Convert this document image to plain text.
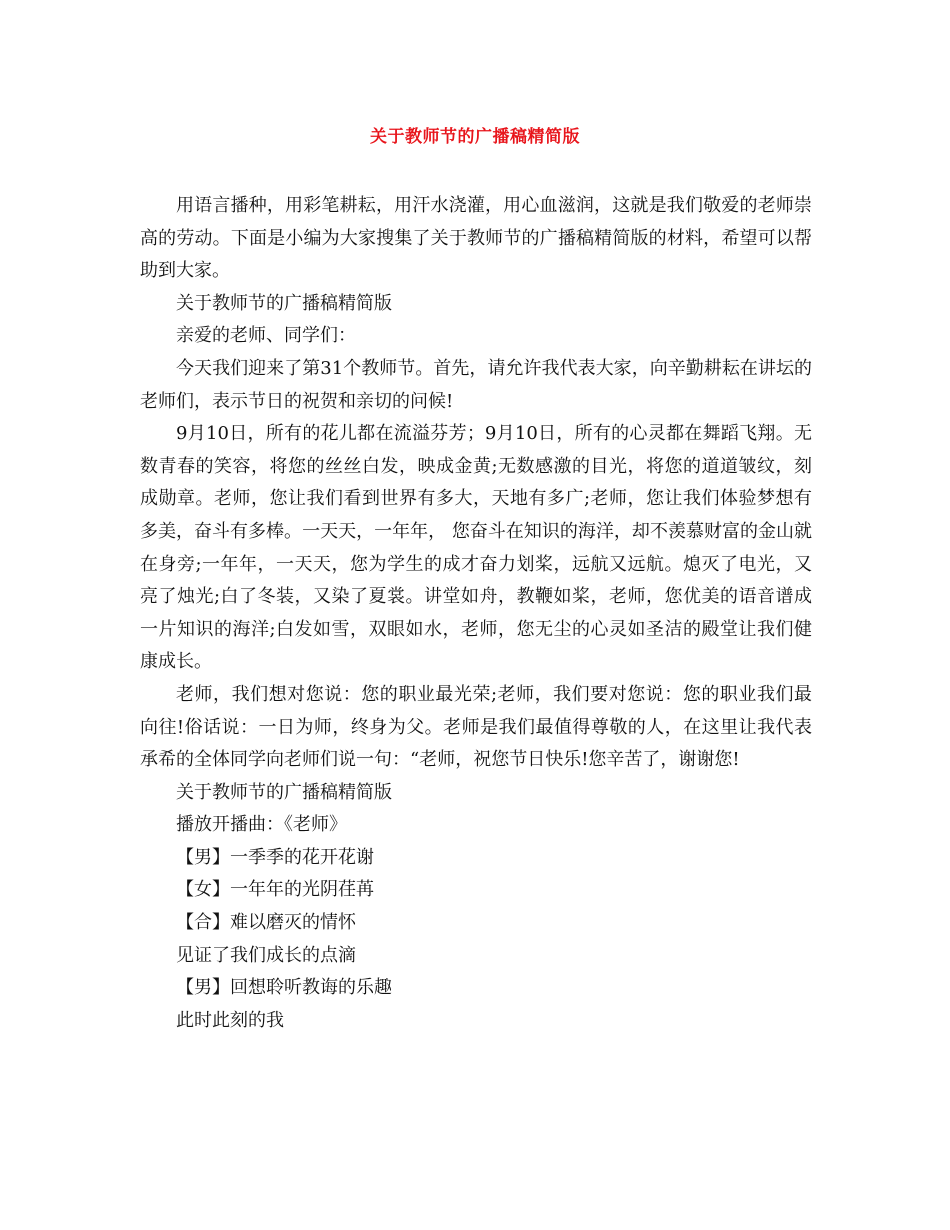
关于教师节的广播稿精简版

用语言播种，用彩笔耕耘，用汗水浇灌，用心血滋润，这就是我们敬爱的老师崇高的劳动。下面是小编为大家搜集了关于教师节的广播稿精简版的材料，希望可以帮助到大家。

关于教师节的广播稿精简版

亲爱的老师、同学们：

今天我们迎来了第31个教师节。首先，请允许我代表大家，向辛勤耕耘在讲坛的老师们，表示节日的祝贺和亲切的问候!

9月10日，所有的花儿都在流溢芬芳；9月10日，所有的心灵都在舞蹈飞翔。无数青春的笑容，将您的丝丝白发，映成金黄;无数感激的目光，将您的道道皱纹，刻成勋章。老师，您让我们看到世界有多大，天地有多广;老师，您让我们体验梦想有多美，奋斗有多棒。一天天，一年年， 您奋斗在知识的海洋，却不羡慕财富的金山就在身旁;一年年，一天天，您为学生的成才奋力划桨，远航又远航。熄灭了电光，又亮了烛光;白了冬装，又染了夏裳。讲堂如舟，教鞭如桨，老师，您优美的语音谱成一片知识的海洋;白发如雪，双眼如水，老师，您无尘的心灵如圣洁的殿堂让我们健康成长。

老师，我们想对您说：您的职业最光荣;老师，我们要对您说：您的职业我们最向往!俗话说：一日为师，终身为父。老师是我们最值得尊敬的人，在这里让我代表承希的全体同学向老师们说一句：“老师，祝您节日快乐!您辛苦了，谢谢您!

关于教师节的广播稿精简版

播放开播曲：《老师》

【男】一季季的花开花谢

【女】一年年的光阴荏苒

【合】难以磨灭的情怀

见证了我们成长的点滴

【男】回想聆听教诲的乐趣

此时此刻的我
